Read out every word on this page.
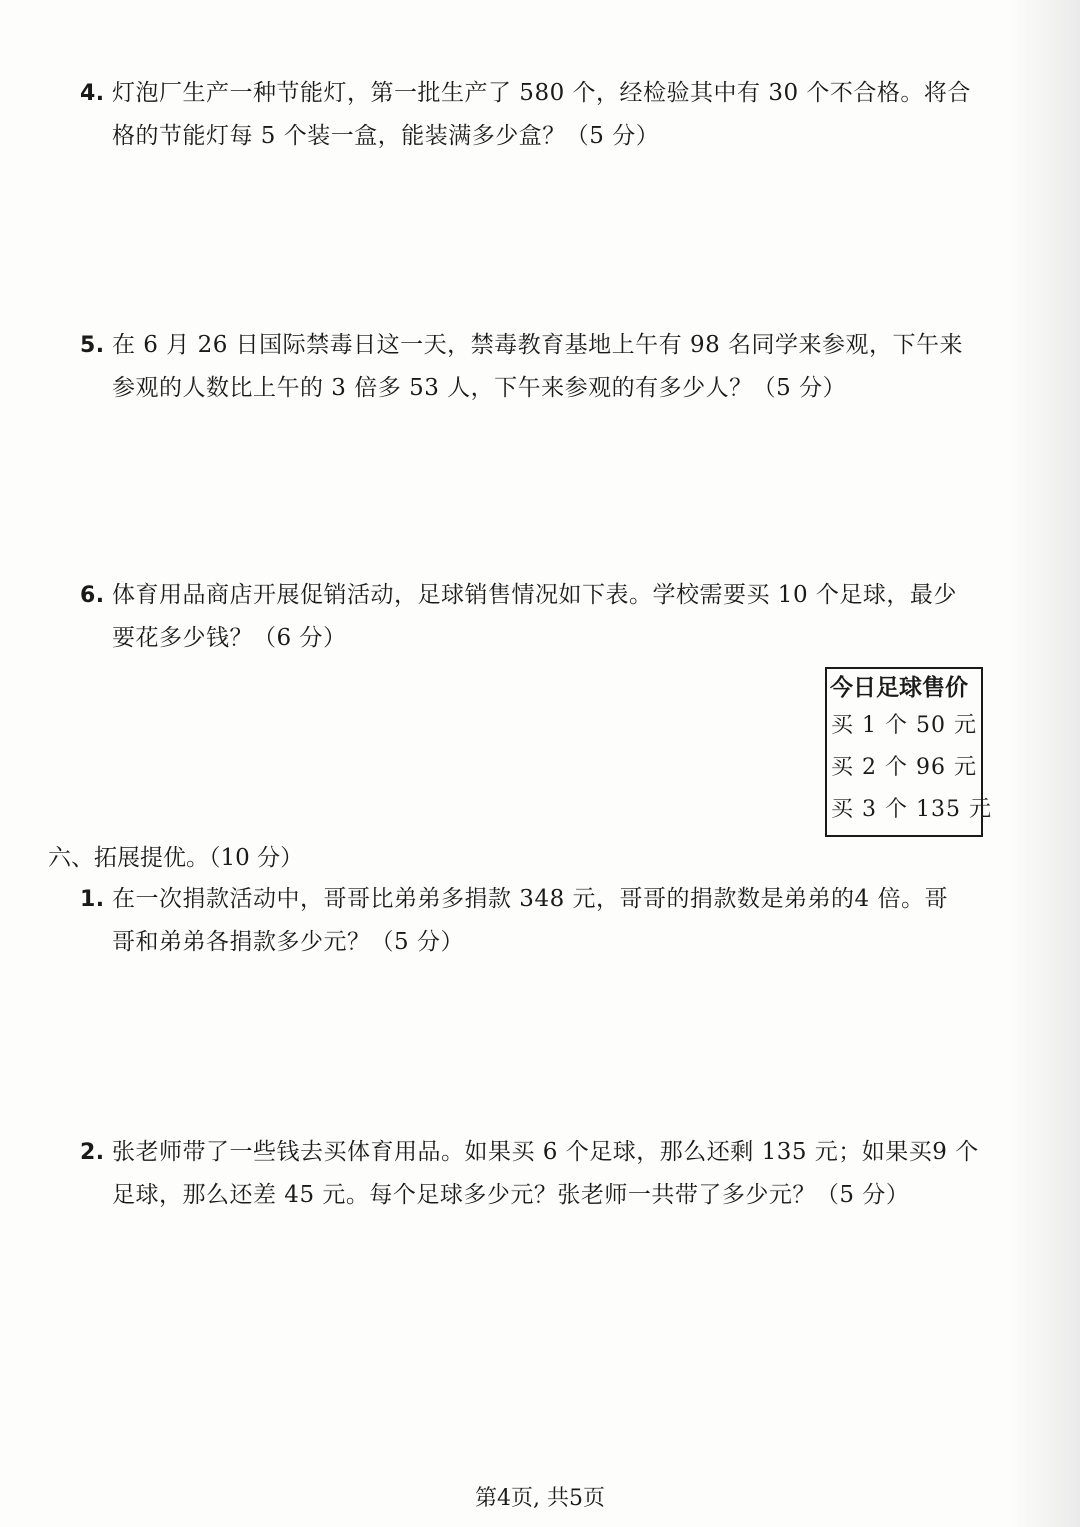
4. 灯泡厂生产一种节能灯，第一批生产了 580 个，经检验其中有 30 个不合格。将合
格的节能灯每 5 个装一盒，能装满多少盒？（5 分）
5. 在 6 月 26 日国际禁毒日这一天，禁毒教育基地上午有 98 名同学来参观，下午来
参观的人数比上午的 3 倍多 53 人，下午来参观的有多少人？（5 分）
6. 体育用品商店开展促销活动，足球销售情况如下表。学校需要买 10 个足球，最少
要花多少钱？（6 分）
今日足球售价
买 1 个 50 元
买 2 个 96 元
买 3 个 135 元
六、拓展提优。（10 分）
1. 在一次捐款活动中，哥哥比弟弟多捐款 348 元，哥哥的捐款数是弟弟的4 倍。哥
哥和弟弟各捐款多少元？（5 分）
2. 张老师带了一些钱去买体育用品。如果买 6 个足球，那么还剩 135 元；如果买9 个
足球，那么还差 45 元。每个足球多少元？张老师一共带了多少元？（5 分）
第4页, 共5页
